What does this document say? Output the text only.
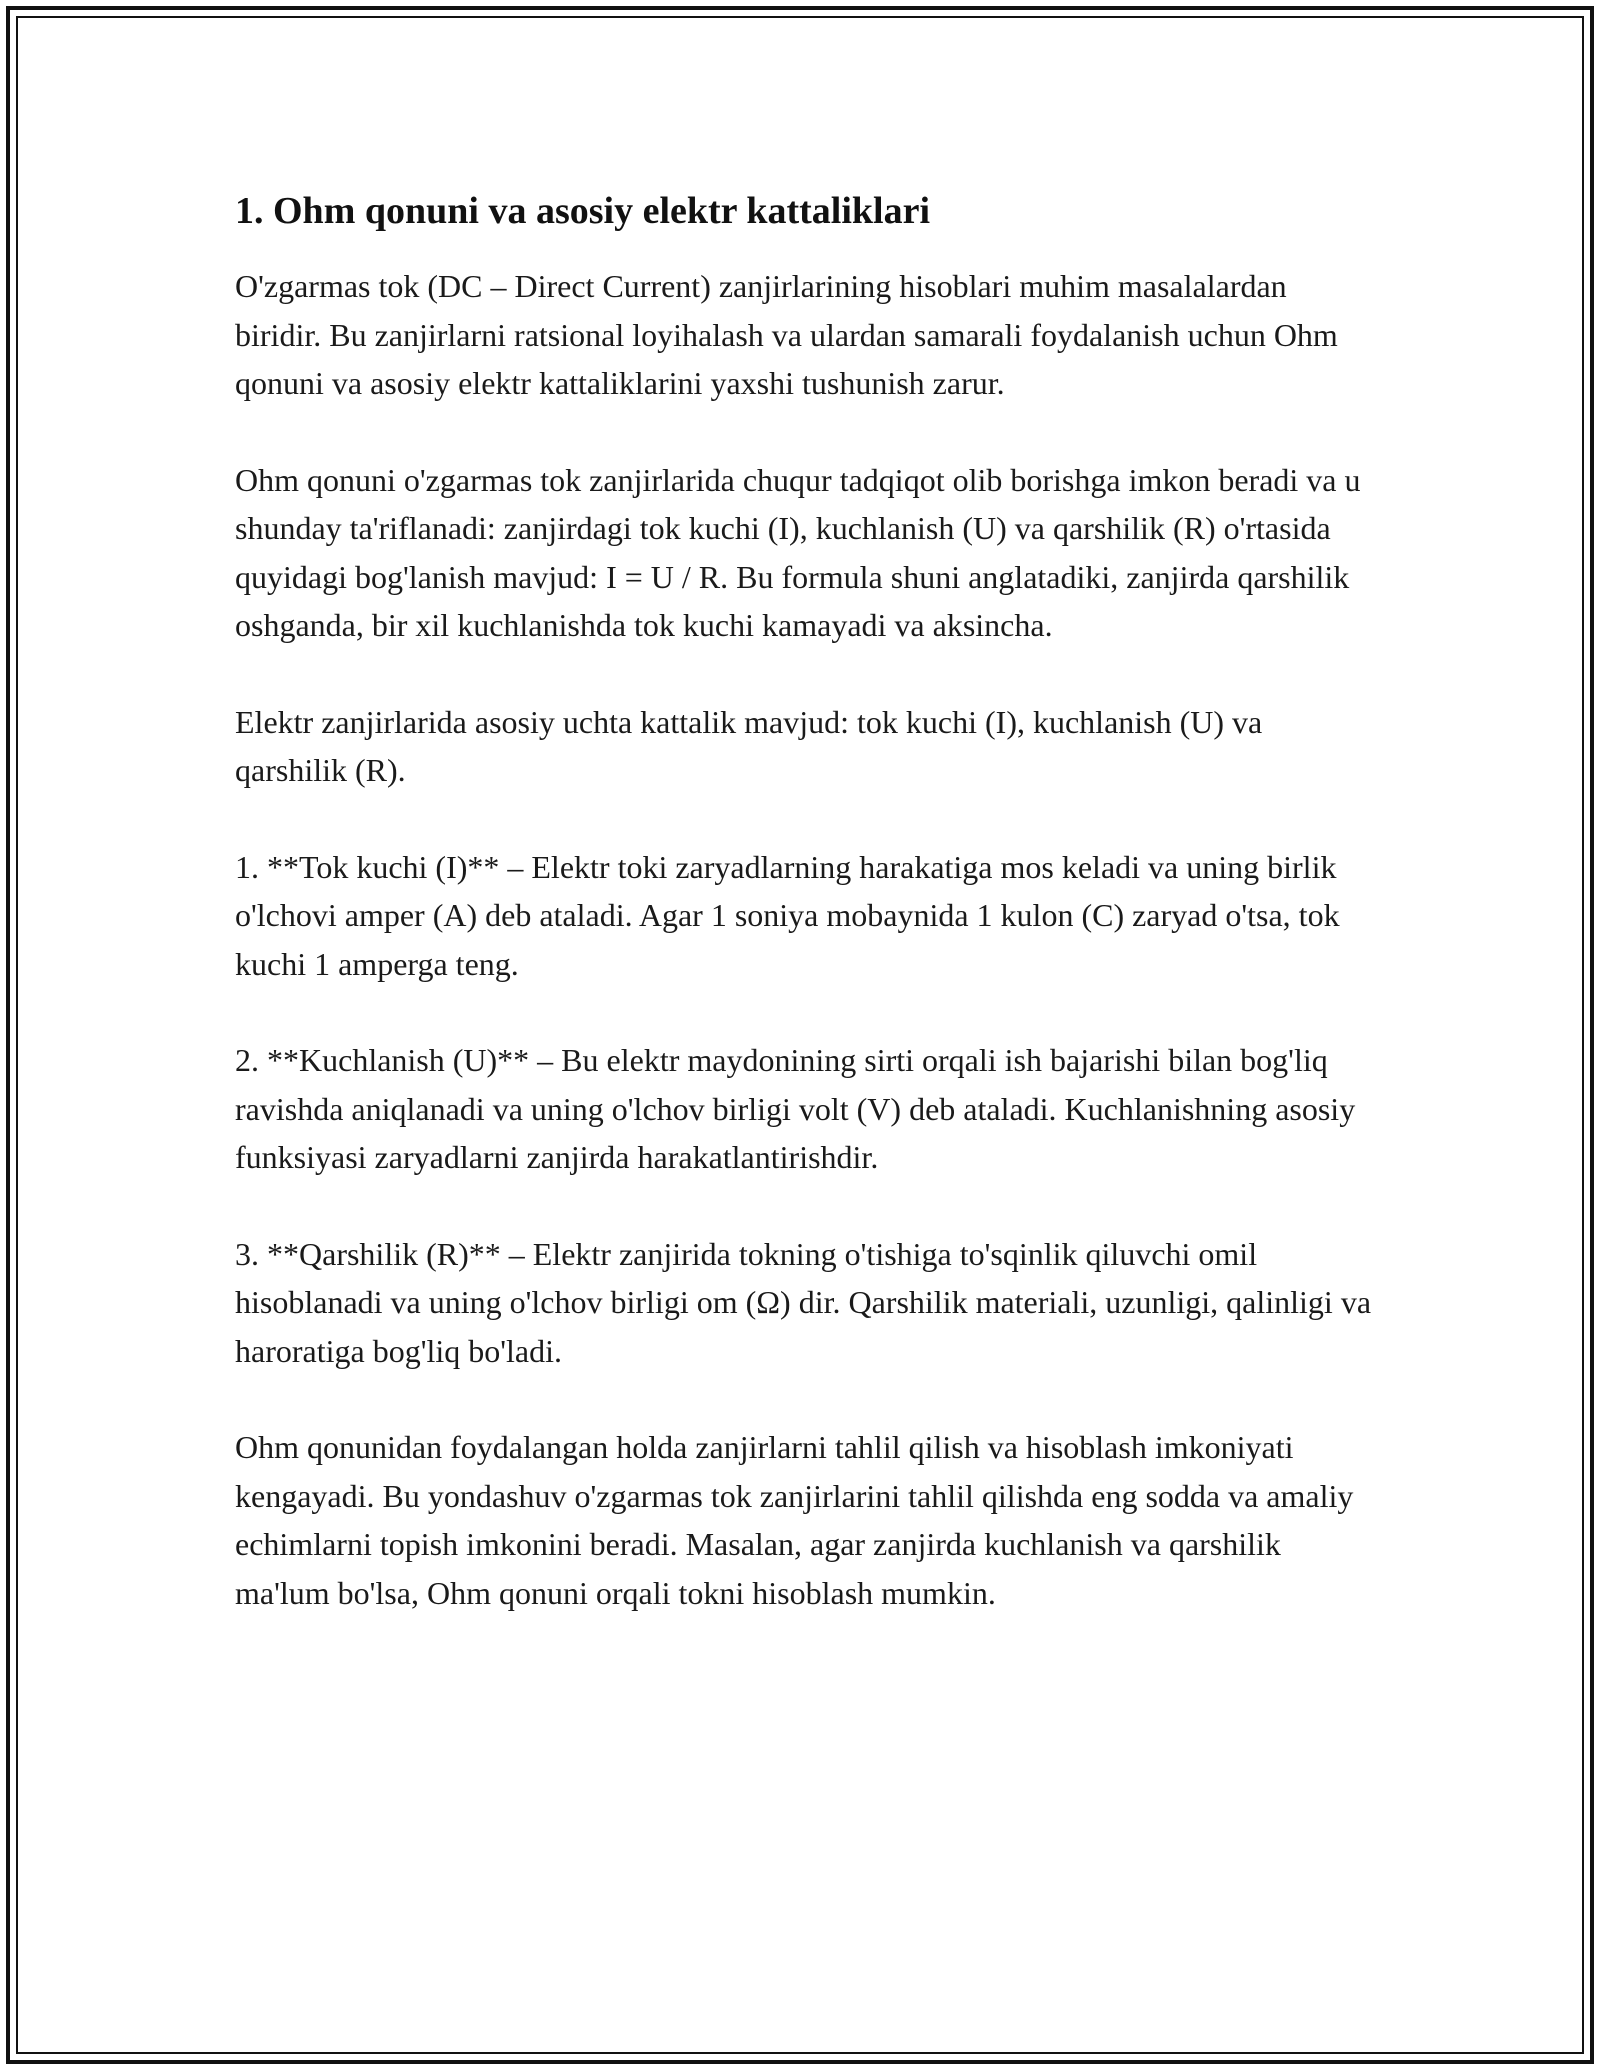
1. Ohm qonuni va asosiy elektr kattaliklari

O'zgarmas tok (DC – Direct Current) zanjirlarining hisoblari muhim masalalardan biridir. Bu zanjirlarni ratsional loyihalash va ulardan samarali foydalanish uchun Ohm qonuni va asosiy elektr kattaliklarini yaxshi tushunish zarur.

Ohm qonuni o'zgarmas tok zanjirlarida chuqur tadqiqot olib borishga imkon beradi va u shunday ta'riflanadi: zanjirdagi tok kuchi (I), kuchlanish (U) va qarshilik (R) o'rtasida quyidagi bog'lanish mavjud: I = U / R. Bu formula shuni anglatadiki, zanjirda qarshilik oshganda, bir xil kuchlanishda tok kuchi kamayadi va aksincha.

Elektr zanjirlarida asosiy uchta kattalik mavjud: tok kuchi (I), kuchlanish (U) va qarshilik (R).

1. **Tok kuchi (I)** – Elektr toki zaryadlarning harakatiga mos keladi va uning birlik o'lchovi amper (A) deb ataladi. Agar 1 soniya mobaynida 1 kulon (C) zaryad o'tsa, tok kuchi 1 amperga teng.

2. **Kuchlanish (U)** – Bu elektr maydonining sirti orqali ish bajarishi bilan bog'liq ravishda aniqlanadi va uning o'lchov birligi volt (V) deb ataladi. Kuchlanishning asosiy funksiyasi zaryadlarni zanjirda harakatlantirishdir.

3. **Qarshilik (R)** – Elektr zanjirida tokning o'tishiga to'sqinlik qiluvchi omil hisoblanadi va uning o'lchov birligi om (Ω) dir. Qarshilik materiali, uzunligi, qalinligi va haroratiga bog'liq bo'ladi.

Ohm qonunidan foydalangan holda zanjirlarni tahlil qilish va hisoblash imkoniyati kengayadi. Bu yondashuv o'zgarmas tok zanjirlarini tahlil qilishda eng sodda va amaliy echimlarni topish imkonini beradi. Masalan, agar zanjirda kuchlanish va qarshilik ma'lum bo'lsa, Ohm qonuni orqali tokni hisoblash mumkin.
